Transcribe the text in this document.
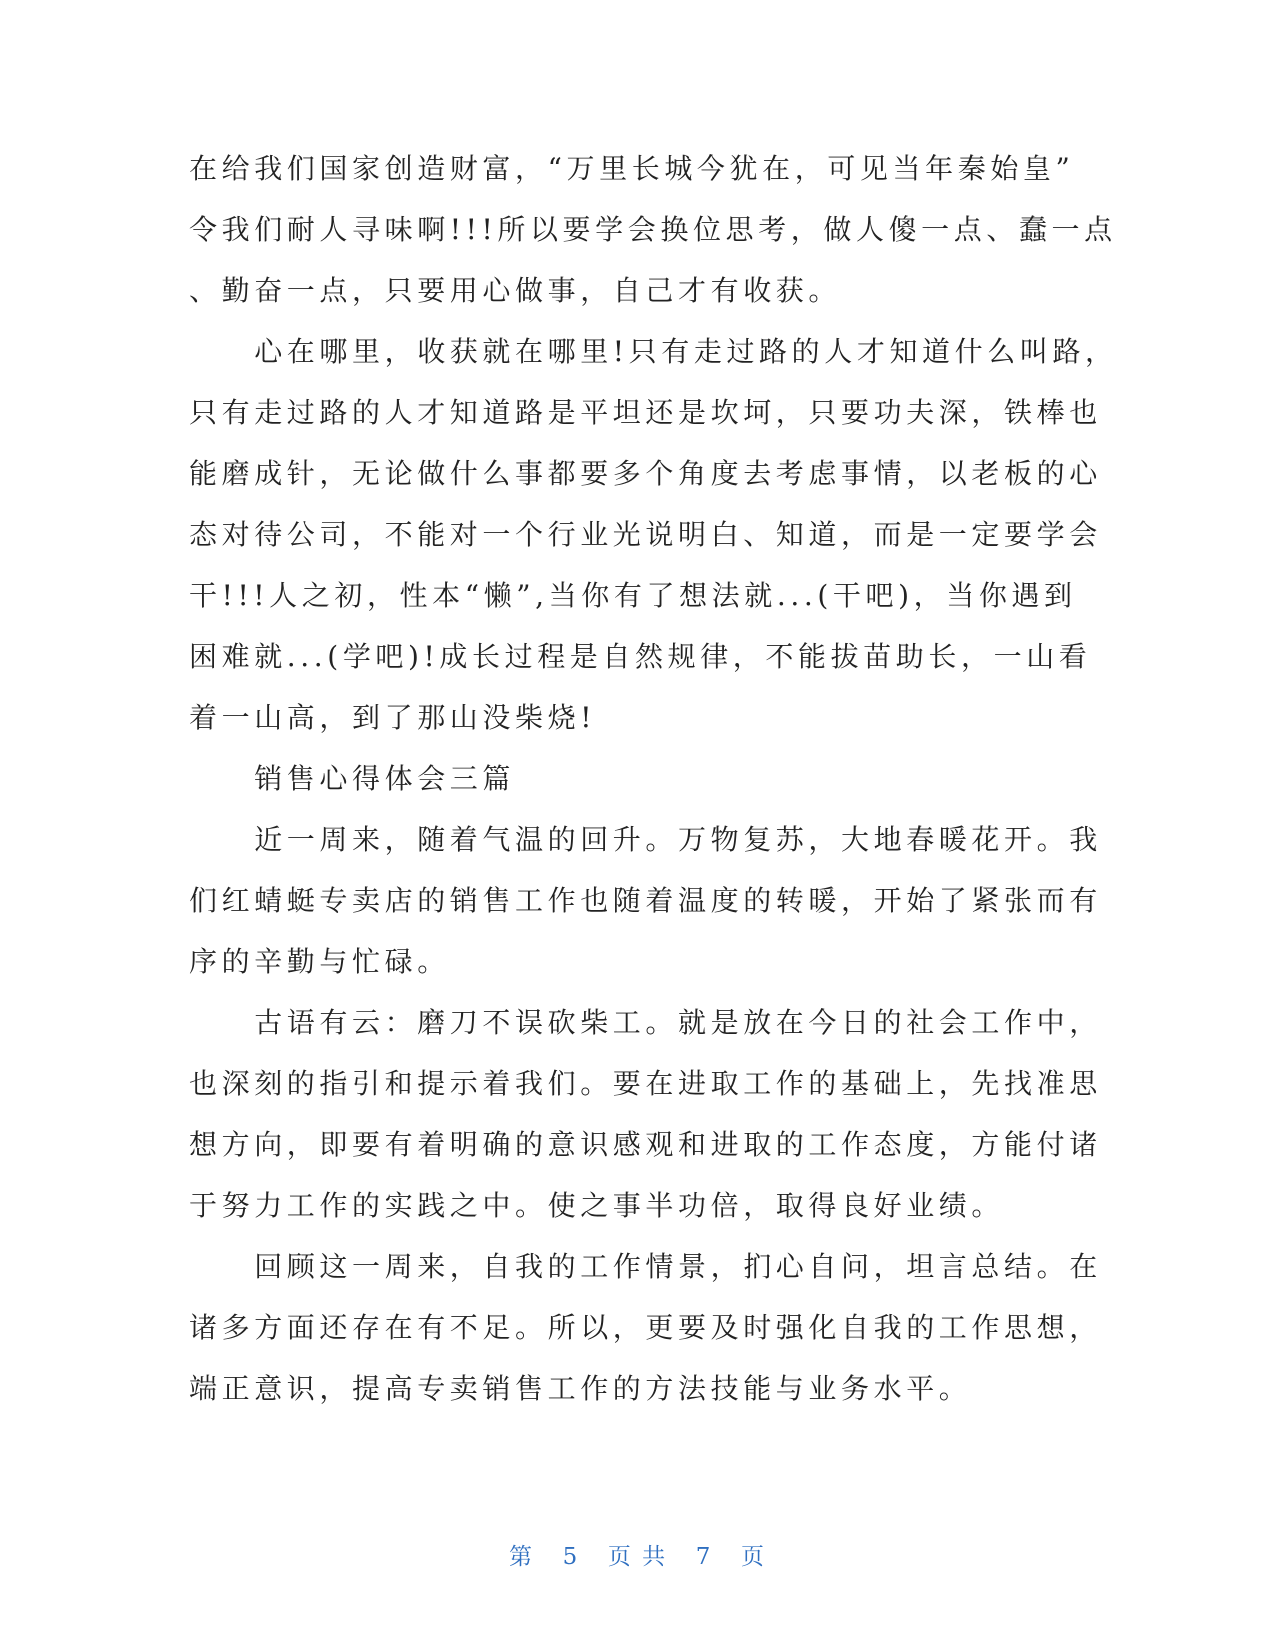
在给我们国家创造财富，“万里长城今犹在，可见当年秦始皇”
令我们耐人寻味啊!!!所以要学会换位思考，做人傻一点、蠢一点
、勤奋一点，只要用心做事，自己才有收获。
　　心在哪里，收获就在哪里!只有走过路的人才知道什么叫路，
只有走过路的人才知道路是平坦还是坎坷，只要功夫深，铁棒也
能磨成针，无论做什么事都要多个角度去考虑事情，以老板的心
态对待公司，不能对一个行业光说明白、知道，而是一定要学会
干!!!人之初，性本“懒”,当你有了想法就...(干吧)，当你遇到
困难就...(学吧)!成长过程是自然规律，不能拔苗助长，一山看
着一山高，到了那山没柴烧!
　　销售心得体会三篇
　　近一周来，随着气温的回升。万物复苏，大地春暖花开。我
们红蜻蜓专卖店的销售工作也随着温度的转暖，开始了紧张而有
序的辛勤与忙碌。
　　古语有云：磨刀不误砍柴工。就是放在今日的社会工作中，
也深刻的指引和提示着我们。要在进取工作的基础上，先找准思
想方向，即要有着明确的意识感观和进取的工作态度，方能付诸
于努力工作的实践之中。使之事半功倍，取得良好业绩。
　　回顾这一周来，自我的工作情景，扪心自问，坦言总结。在
诸多方面还存在有不足。所以，更要及时强化自我的工作思想，
端正意识，提高专卖销售工作的方法技能与业务水平。
第 5 页 共 7 页
